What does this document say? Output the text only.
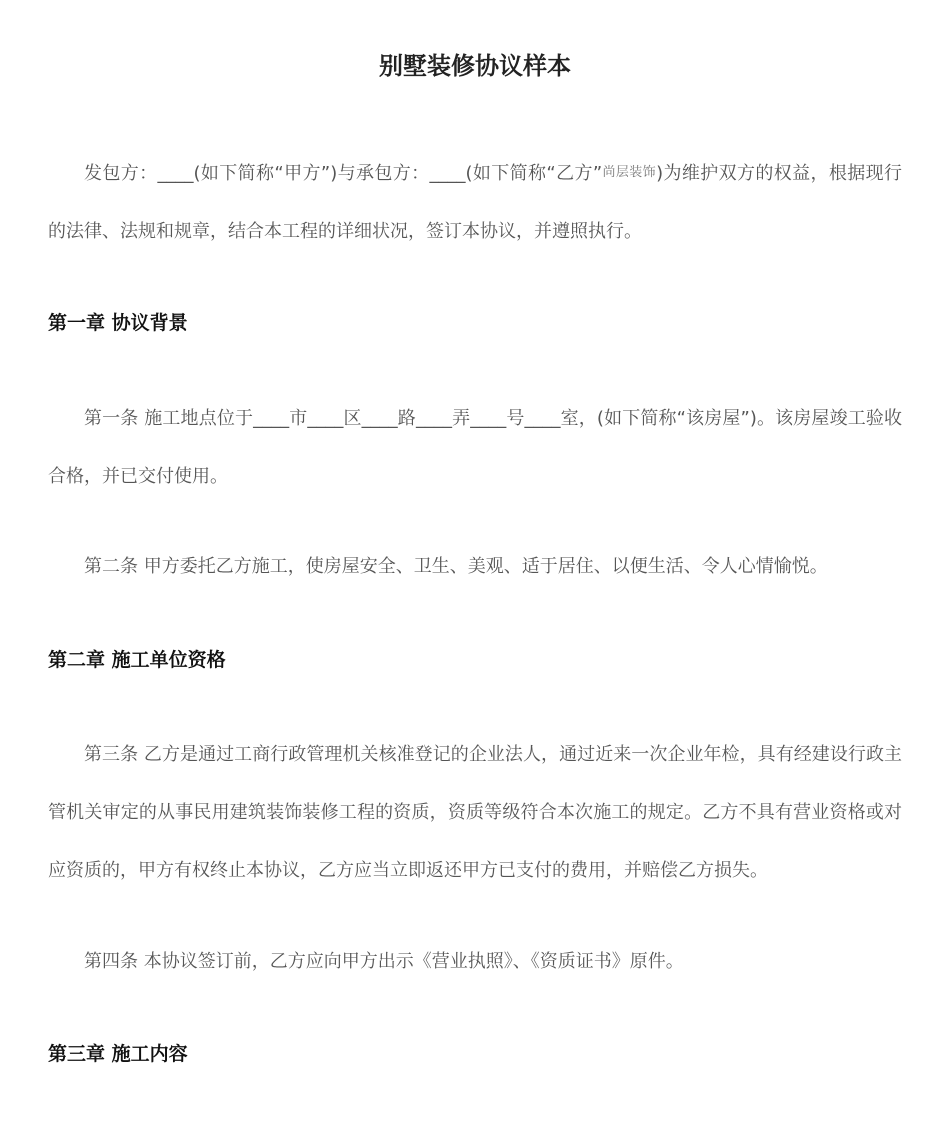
别墅装修协议样本

发包方：____(如下简称“甲方”)与承包方：____(如下简称“乙方”尚层装饰)为维护双方的权益，根据现行的法律、法规和规章，结合本工程的详细状况，签订本协议，并遵照执行。

第一章 协议背景

第一条 施工地点位于____市____区____路____弄____号____室，(如下简称“该房屋”)。该房屋竣工验收合格，并已交付使用。

第二条 甲方委托乙方施工，使房屋安全、卫生、美观、适于居住、以便生活、令人心情愉悦。

第二章 施工单位资格

第三条 乙方是通过工商行政管理机关核准登记的企业法人，通过近来一次企业年检，具有经建设行政主管机关审定的从事民用建筑装饰装修工程的资质，资质等级符合本次施工的规定。乙方不具有营业资格或对应资质的，甲方有权终止本协议，乙方应当立即返还甲方已支付的费用，并赔偿乙方损失。

第四条 本协议签订前，乙方应向甲方出示《营业执照》、《资质证书》原件。

第三章 施工内容
